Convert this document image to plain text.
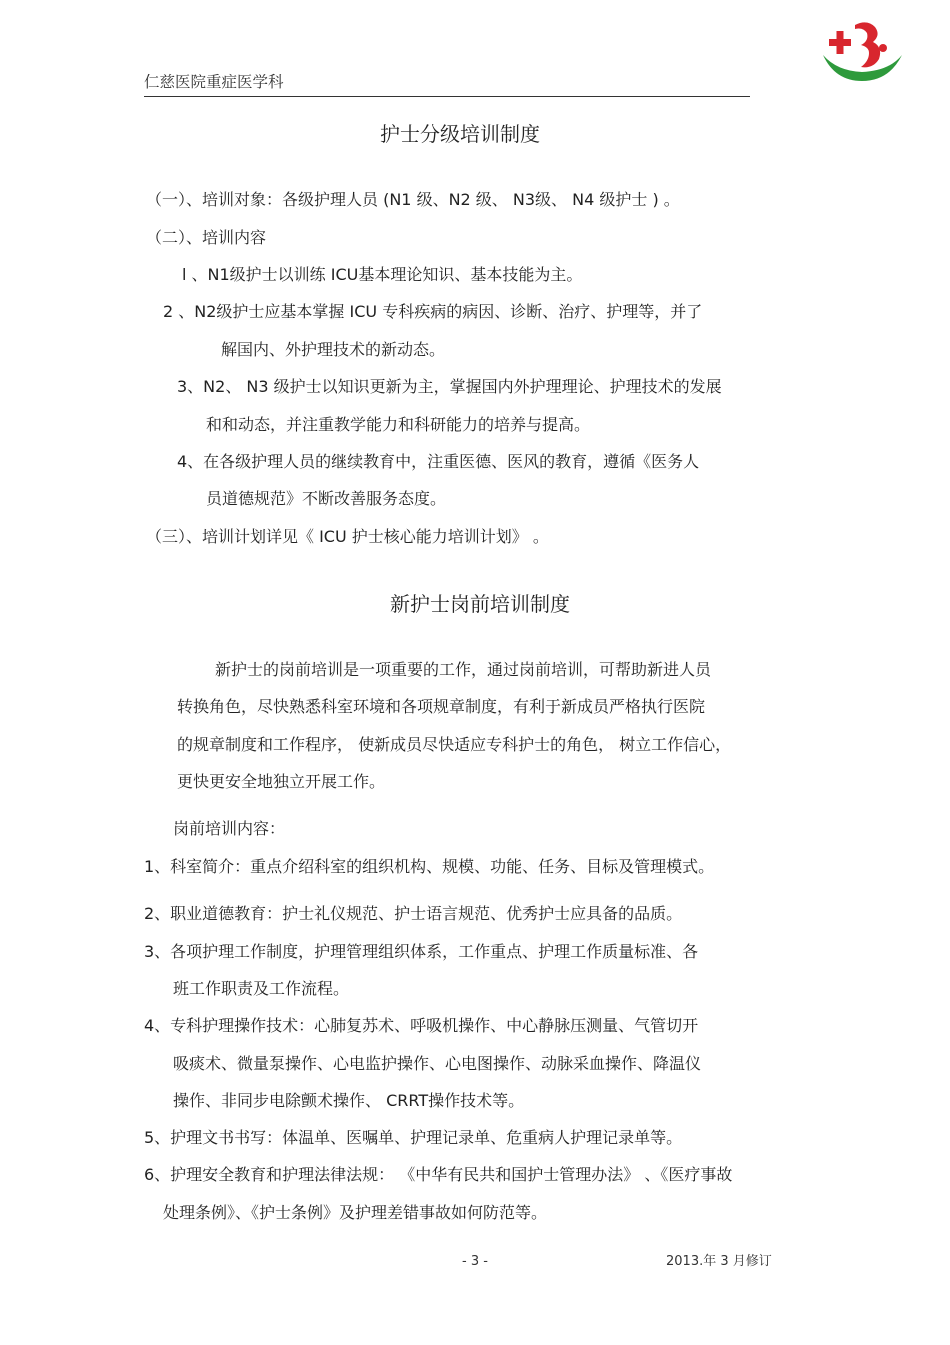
仁慈医院重症医学科
护士分级培训制度
（一）、培训对象：各级护理人员 (N1 级、N2 级、 N3级、 N4 级护士 ) 。
（二）、培训内容
l 、N1级护士以训练 ICU基本理论知识、基本技能为主。
2 、N2级护士应基本掌握 ICU 专科疾病的病因、诊断、治疗、护理等，并了
解国内、外护理技术的新动态。
3、N2、 N3 级护士以知识更新为主，掌握国内外护理理论、护理技术的发展
和和动态，并注重教学能力和科研能力的培养与提高。
4、在各级护理人员的继续教育中，注重医德、医风的教育，遵循《医务人
员道德规范》不断改善服务态度。
（三）、培训计划详见《 ICU 护士核心能力培训计划》 。
新护士岗前培训制度
新护士的岗前培训是一项重要的工作，通过岗前培训，可帮助新进人员
转换角色，尽快熟悉科室环境和各项规章制度，有利于新成员严格执行医院
的规章制度和工作程序， 使新成员尽快适应专科护士的角色， 树立工作信心，
更快更安全地独立开展工作。
岗前培训内容：
1、科室简介：重点介绍科室的组织机构、规模、功能、任务、目标及管理模式。
2、职业道德教育：护士礼仪规范、护士语言规范、优秀护士应具备的品质。
3、各项护理工作制度，护理管理组织体系，工作重点、护理工作质量标准、各
班工作职责及工作流程。
4、专科护理操作技术：心肺复苏术、呼吸机操作、中心静脉压测量、气管切开
吸痰术、微量泵操作、心电监护操作、心电图操作、动脉采血操作、降温仪
操作、非同步电除颤术操作、 CRRT操作技术等。
5、护理文书书写：体温单、医嘱单、护理记录单、危重病人护理记录单等。
6、护理安全教育和护理法律法规： 《中华有民共和国护士管理办法》 、《医疗事故
处理条例》、《护士条例》及护理差错事故如何防范等。
- 3 -	2013.年 3 月修订
